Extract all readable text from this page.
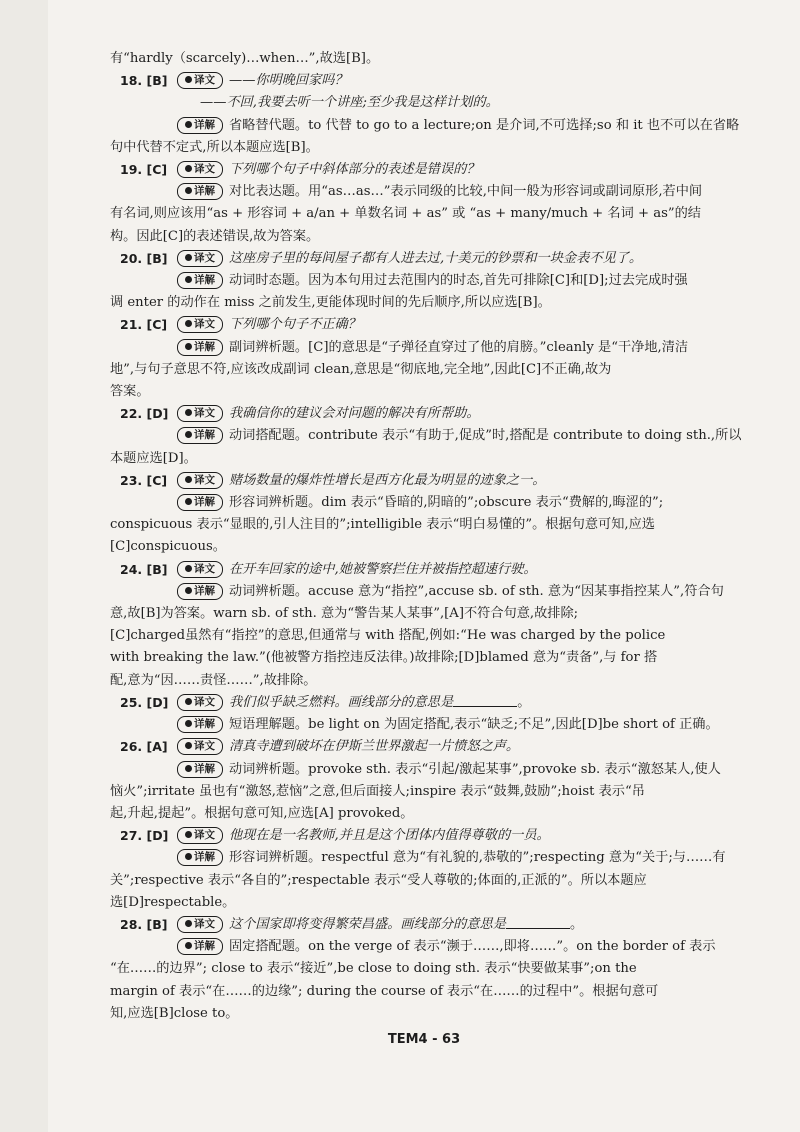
有“hardly（scarcely)…when…”,故选[B]。
18. [B]	译文 ——你明晚回家吗？
——不回,我要去听一个讲座;至少我是这样计划的。
详解 省略替代题。to 代替 to go to a lecture;on 是介词,不可选择;so 和 it 也不可以在省略
句中代替不定式,所以本题应选[B]。
19. [C]	译文 下列哪个句子中斜体部分的表述是错误的？
详解 对比表达题。用“as…as…”表示同级的比较,中间一般为形容词或副词原形,若中间
有名词,则应该用“as + 形容词 + a/an + 单数名词 + as” 或 “as + many/much + 名词 + as”的结
构。因此[C]的表述错误,故为答案。
20. [B]	译文 这座房子里的每间屋子都有人进去过,十美元的钞票和一块金表不见了。
详解 动词时态题。因为本句用过去范围内的时态,首先可排除[C]和[D];过去完成时强
调 enter 的动作在 miss 之前发生,更能体现时间的先后顺序,所以应选[B]。
21. [C]	译文 下列哪个句子不正确？
详解 副词辨析题。[C]的意思是“子弹径直穿过了他的肩膀。”cleanly 是“干净地,清洁
地”,与句子意思不符,应该改成副词 clean,意思是“彻底地,完全地”,因此[C]不正确,故为
答案。
22. [D]	译文 我确信你的建议会对问题的解决有所帮助。
详解 动词搭配题。contribute 表示“有助于,促成”时,搭配是 contribute to doing sth.,所以
本题应选[D]。
23. [C]	译文 赌场数量的爆炸性增长是西方化最为明显的迹象之一。
详解 形容词辨析题。dim 表示“昏暗的,阴暗的”;obscure 表示“费解的,晦涩的”;
conspicuous 表示“显眼的,引人注目的”;intelligible 表示“明白易懂的”。根据句意可知,应选
[C]conspicuous。
24. [B]	译文 在开车回家的途中,她被警察拦住并被指控超速行驶。
详解 动词辨析题。accuse 意为“指控”,accuse sb. of sth. 意为“因某事指控某人”,符合句
意,故[B]为答案。warn sb. of sth. 意为“警告某人某事”,[A]不符合句意,故排除;
[C]charged虽然有“指控”的意思,但通常与 with 搭配,例如:“He was charged by the police
with breaking the law.”(他被警方指控违反法律。)故排除;[D]blamed 意为“责备”,与 for 搭
配,意为“因……责怪……”,故排除。
25. [D]	译文 我们似乎缺乏燃料。画线部分的意思是	。
详解 短语理解题。be light on 为固定搭配,表示“缺乏;不足”,因此[D]be short of 正确。
26. [A]	译文 清真寺遭到破坏在伊斯兰世界激起一片愤怒之声。
详解 动词辨析题。provoke sth. 表示“引起/激起某事”,provoke sb. 表示“激怒某人,使人
恼火”;irritate 虽也有“激怒,惹恼”之意,但后面接人;inspire 表示“鼓舞,鼓励”;hoist 表示“吊
起,升起,提起”。根据句意可知,应选[A] provoked。
27. [D]	译文 他现在是一名教师,并且是这个团体内值得尊敬的一员。
详解 形容词辨析题。respectful 意为“有礼貌的,恭敬的”;respecting 意为“关于;与……有
关”;respective 表示“各自的”;respectable 表示“受人尊敬的;体面的,正派的”。所以本题应
选[D]respectable。
28. [B]	译文 这个国家即将变得繁荣昌盛。画线部分的意思是	。
详解 固定搭配题。on the verge of 表示“濒于……,即将……”。on the border of 表示
“在……的边界”; close to 表示“接近”,be close to doing sth. 表示“快要做某事”;on the
margin of 表示“在……的边缘”; during the course of 表示“在……的过程中”。根据句意可
知,应选[B]close to。
TEM4 - 63
